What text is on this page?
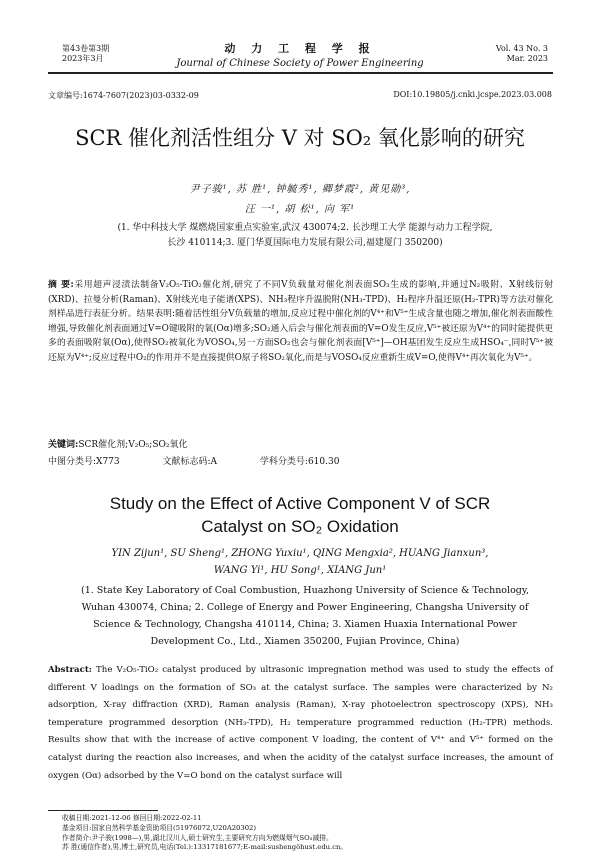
第43卷第3期
2023年3月
动 力 工 程 学 报
Journal of Chinese Society of Power Engineering
Vol. 43 No. 3
Mar. 2023
文章编号:1674-7607(2023)03-0332-09	DOI:10.19805/j.cnki.jcspe.2023.03.008
SCR 催化剂活性组分 V 对 SO₂ 氧化影响的研究
尹子骏¹, 苏 胜¹, 钟毓秀¹, 卿梦霞², 黄见勋³,
汪 一¹, 胡 松¹, 向 军¹
(1. 华中科技大学 煤燃烧国家重点实验室,武汉 430074;2. 长沙理工大学 能源与动力工程学院,
长沙 410114;3. 厦门华夏国际电力发展有限公司,福建厦门 350200)
摘 要:采用超声浸渍法制备V₂O₅-TiO₂催化剂,研究了不同V负载量对催化剂表面SO₃生成的影响,并通过N₂吸附、X射线衍射(XRD)、拉曼分析(Raman)、X射线光电子能谱(XPS)、NH₃程序升温脱附(NH₃-TPD)、H₂程序升温还原(H₂-TPR)等方法对催化剂样品进行表征分析。结果表明:随着活性组分V负载量的增加,反应过程中催化剂的V⁴⁺和V⁵⁺生成含量也随之增加,催化剂表面酸性增强,导致催化剂表面通过V=O键吸附的氧(Oα)增多;SO₂通入后会与催化剂表面的V=O发生反应,V⁵⁺被还原为V⁴⁺的同时能提供更多的表面吸附氧(Oα),使得SO₂被氧化为VOSO₄,另一方面SO₂也会与催化剂表面[V⁵⁺]—OH基团发生反应生成HSO₄⁻,同时V⁵⁺被还原为V⁴⁺;反应过程中O₂的作用并不是直接提供O原子将SO₂氧化,而是与VOSO₄反应重新生成V=O,使得V⁴⁺再次氧化为V⁵⁺。
关键词:SCR催化剂;V₂O₅;SO₂氧化
中图分类号:X773	文献标志码:A	学科分类号:610.30
Study on the Effect of Active Component V of SCR
Catalyst on SO₂ Oxidation
YIN Zijun¹, SU Sheng¹, ZHONG Yuxiu¹, QING Mengxia², HUANG Jianxun³,
WANG Yi¹, HU Song¹, XIANG Jun¹
(1. State Key Laboratory of Coal Combustion, Huazhong University of Science & Technology,
Wuhan 430074, China; 2. College of Energy and Power Engineering, Changsha University of
Science & Technology, Changsha 410114, China; 3. Xiamen Huaxia International Power
Development Co., Ltd., Xiamen 350200, Fujian Province, China)
Abstract: The V₂O₅-TiO₂ catalyst produced by ultrasonic impregnation method was used to study the effects of different V loadings on the formation of SO₃ at the catalyst surface. The samples were characterized by N₂ adsorption, X-ray diffraction (XRD), Raman analysis (Raman), X-ray photoelectron spectroscopy (XPS), NH₃ temperature programmed desorption (NH₃-TPD), H₂ temperature programmed reduction (H₂-TPR) methods. Results show that with the increase of active component V loading, the content of V⁴⁺ and V⁵⁺ formed on the catalyst during the reaction also increases, and when the acidity of the catalyst surface increases, the amount of oxygen (Oα) adsorbed by the V=O bond on the catalyst surface will
收稿日期:2021-12-06 修回日期:2022-02-11
基金项目:国家自然科学基金资助项目(51976072,U20A20302)
作者简介:尹子骏(1998—),男,湖北汉川人,硕士研究生,主要研究方向为燃煤烟气SO₃减排。
苏 胜(通信作者),男,博士,研究员,电话(Tel.):13317181677;E-mail:sushengöhust.edu.cn。
